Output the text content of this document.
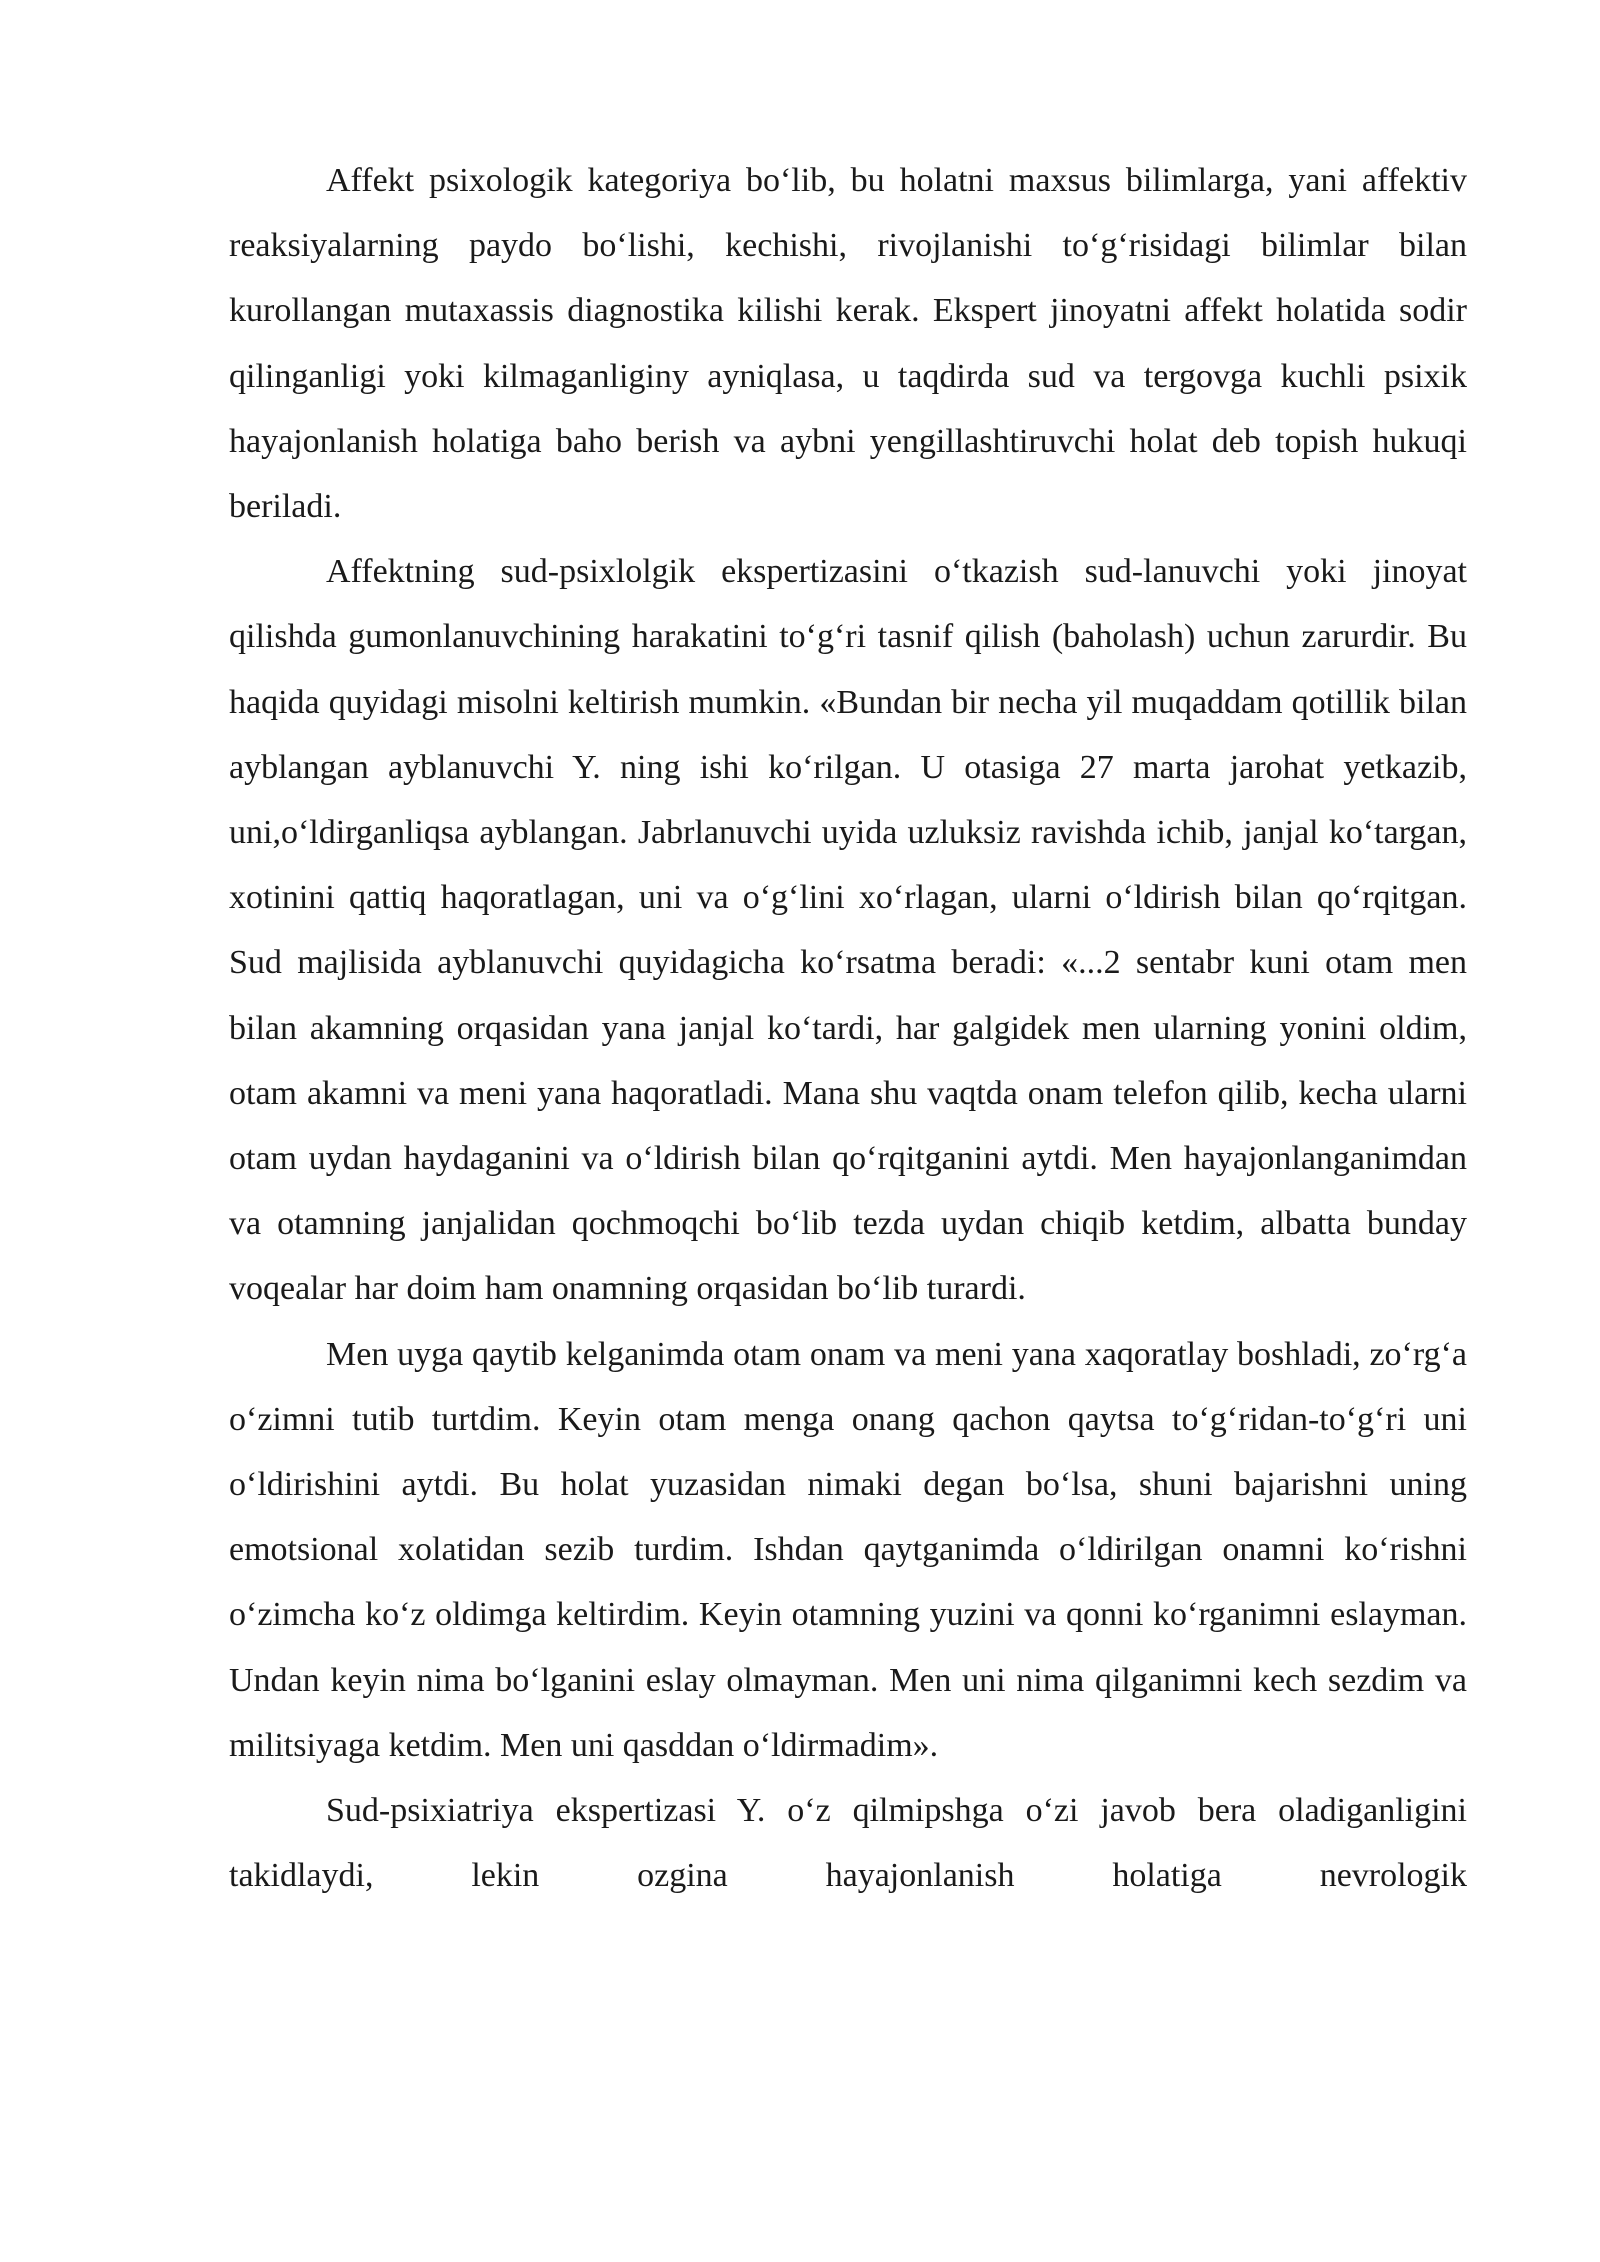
Affekt psixologik kategoriya boʻlib, bu holatni maxsus bilimlarga, yani affektiv reaksiyalarning paydo boʻlishi, kechishi, rivojlanishi toʻgʻrisidagi bilimlar bilan kurollangan mutaxassis diagnostika kilishi kerak. Ekspert jinoyatni affekt holatida sodir qilinganligi yoki kilmaganliginy ayniqlasa, u taqdirda sud va tergovga kuchli psixik hayajonlanish holatiga baho berish va aybni yengillashtiruvchi holat deb topish hukuqi beriladi.

Affektning sud-psixlolgik ekspertizasini oʻtkazish sud-lanuvchi yoki jinoyat qilishda gumonlanuvchining harakatini toʻgʻri tasnif qilish (baholash) uchun zarurdir. Bu haqida quyidagi misolni keltirish mumkin. «Bundan bir necha yil muqaddam qotillik bilan ayblangan ayblanuvchi Y. ning ishi koʻrilgan. U otasiga 27 marta jarohat yetkazib, uni,oʻldirganliqsa ayblangan. Jabrlanuvchi uyida uzluksiz ravishda ichib, janjal koʻtargan, xotinini qattiq haqoratlagan, uni va oʻgʻlini xoʻrlagan, ularni oʻldirish bilan qoʻrqitgan. Sud majlisida ayblanuvchi quyidagicha koʻrsatma beradi: «...2 sentabr kuni otam men bilan akamning orqasidan yana janjal koʻtardi, har galgidek men ularning yonini oldim, otam akamni va meni yana haqoratladi. Mana shu vaqtda onam telefon qilib, kecha ularni otam uydan haydaganini va oʻldirish bilan qoʻrqitganini aytdi. Men hayajonlanganimdan va otamning janjalidan qochmoqchi boʻlib tezda uydan chiqib ketdim, albatta bunday voqealar har doim ham onamning orqasidan boʻlib turardi.

Men uyga qaytib kelganimda otam onam va meni yana xaqoratlay boshladi, zoʻrgʻa oʻzimni tutib turtdim. Keyin otam menga onang qachon qaytsa toʻgʻridan-toʻgʻri uni oʻldirishini aytdi. Bu holat yuzasidan nimaki degan boʻlsa, shuni bajarishni uning emotsional xolatidan sezib turdim. Ishdan qaytganimda oʻldirilgan onamni koʻrishni oʻzimcha koʻz oldimga keltirdim. Keyin otamning yuzini va qonni koʻrganimni eslayman. Undan keyin nima boʻlganini eslay olmayman. Men uni nima qilganimni kech sezdim va militsiyaga ketdim. Men uni qasddan oʻldirmadim».

Sud-psixiatriya ekspertizasi Y. oʻz qilmipshga oʻzi javob bera oladiganligini takidlaydi, lekin ozgina hayajonlanish holatiga nevrologik
